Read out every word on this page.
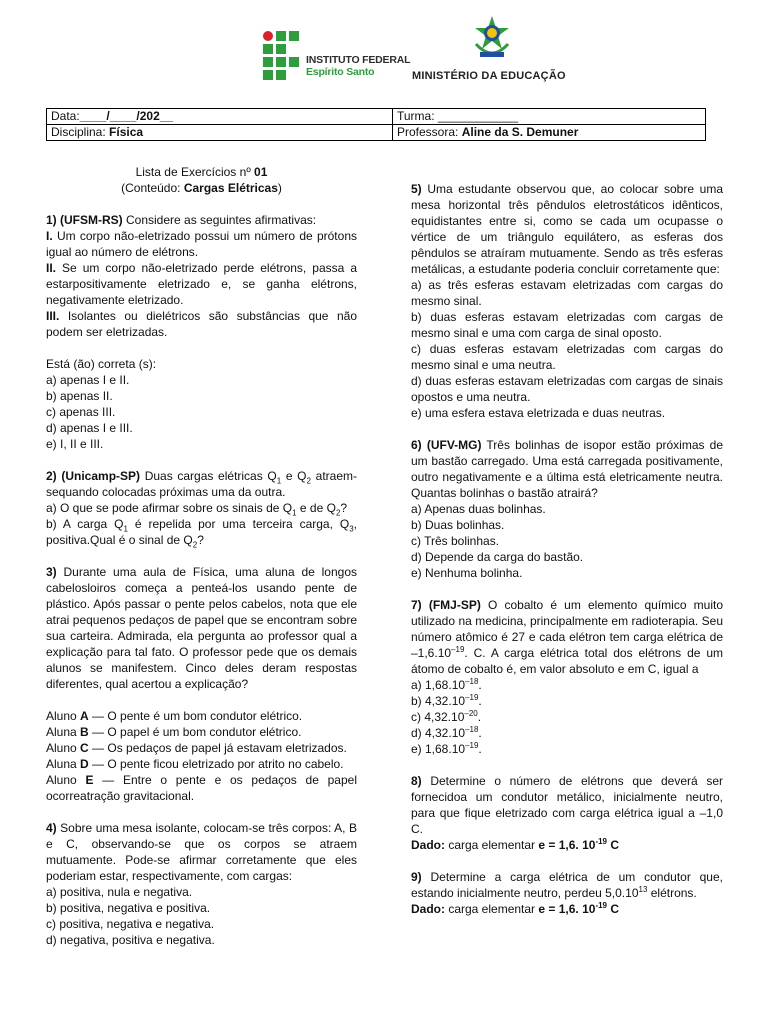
INSTITUTO FEDERAL
Espírito Santo	MINISTÉRIO DA EDUCAÇÃO
Data:____/____/202__	Turma: ____________
Disciplina: Física	Professora: Aline da S. Demuner

Lista de Exercícios nº 01

(Conteúdo: Cargas Elétricas)

1) (UFSM-RS) Considere as seguintes afirmativas:

I. Um corpo não-eletrizado possui um número de prótons igual ao número de elétrons.

II. Se um corpo não-eletrizado perde elétrons, passa a estarpositivamente eletrizado e, se ganha elétrons, negativamente eletrizado.

III. Isolantes ou dielétricos são substâncias que não podem ser eletrizadas.

Está (ão) correta (s):

a) apenas I e II.

b) apenas II.

c) apenas III.

d) apenas I e III.

e) I, II e III.

2) (Unicamp-SP) Duas cargas elétricas $Q_1$ e $Q_2$ atraem-sequando colocadas próximas uma da outra.

a) O que se pode afirmar sobre os sinais de $Q_1$ e de $Q_2$?

b) A carga $Q_1$ é repelida por uma terceira carga, $Q_3$, positiva.Qual é o sinal de $Q_2$?

3) Durante uma aula de Física, uma aluna de longos cabelosloiros começa a penteá-los usando pente de plástico. Após passar o pente pelos cabelos, nota que ele atrai pequenos pedaços de papel que se encontram sobre sua carteira. Admirada, ela pergunta ao professor qual a explicação para tal fato. O professor pede que os demais alunos se manifestem. Cinco deles deram respostas diferentes, qual acertou a explicação?

Aluno A — O pente é um bom condutor elétrico.

Aluna B — O papel é um bom condutor elétrico.

Aluno C — Os pedaços de papel já estavam eletrizados.

Aluna D — O pente ficou eletrizado por atrito no cabelo.

Aluno E — Entre o pente e os pedaços de papel ocorreatração gravitacional.

4) Sobre uma mesa isolante, colocam-se três corpos: A, B e C, observando-se que os corpos se atraem mutuamente. Pode-se afirmar corretamente que eles poderiam estar, respectivamente, com cargas:

a) positiva, nula e negativa.

b) positiva, negativa e positiva.

c) positiva, negativa e negativa.

d) negativa, positiva e negativa.

5) Uma estudante observou que, ao colocar sobre uma mesa horizontal três pêndulos eletrostáticos idênticos, equidistantes entre si, como se cada um ocupasse o vértice de um triângulo equilátero, as esferas dos pêndulos se atraíram mutuamente. Sendo as três esferas metálicas, a estudante poderia concluir corretamente que:

a) as três esferas estavam eletrizadas com cargas do mesmo sinal.

b) duas esferas estavam eletrizadas com cargas de mesmo sinal e uma com carga de sinal oposto.

c) duas esferas estavam eletrizadas com cargas do mesmo sinal e uma neutra.

d) duas esferas estavam eletrizadas com cargas de sinais opostos e uma neutra.

e) uma esfera estava eletrizada e duas neutras.

6) (UFV-MG) Três bolinhas de isopor estão próximas de um bastão carregado. Uma está carregada positivamente, outro negativamente e a última está eletricamente neutra. Quantas bolinhas o bastão atrairá?

a) Apenas duas bolinhas.

b) Duas bolinhas.

c) Três bolinhas.

d) Depende da carga do bastão.

e) Nenhuma bolinha.

7) (FMJ-SP) O cobalto é um elemento químico muito utilizado na medicina, principalmente em radioterapia. Seu número atômico é 27 e cada elétron tem carga elétrica de $-1,6.10^{-19}$. C. A carga elétrica total dos elétrons de um átomo de cobalto é, em valor absoluto e em C, igual a

a) $1,68.10^{-18}$.

b) $4,32.10^{-19}$.

c) $4,32.10^{-20}$.

d) $4,32.10^{-18}$.

e) $1,68.10^{-19}$.

8) Determine o número de elétrons que deverá ser fornecidoa um condutor metálico, inicialmente neutro, para que fique eletrizado com carga elétrica igual a –1,0 C.

Dado: carga elementar e = 1,6. $10^{-19}$ C

9) Determine a carga elétrica de um condutor que, estando inicialmente neutro, perdeu 5,0.10$^{13}$ elétrons.

Dado: carga elementar e = 1,6. $10^{-19}$ C
